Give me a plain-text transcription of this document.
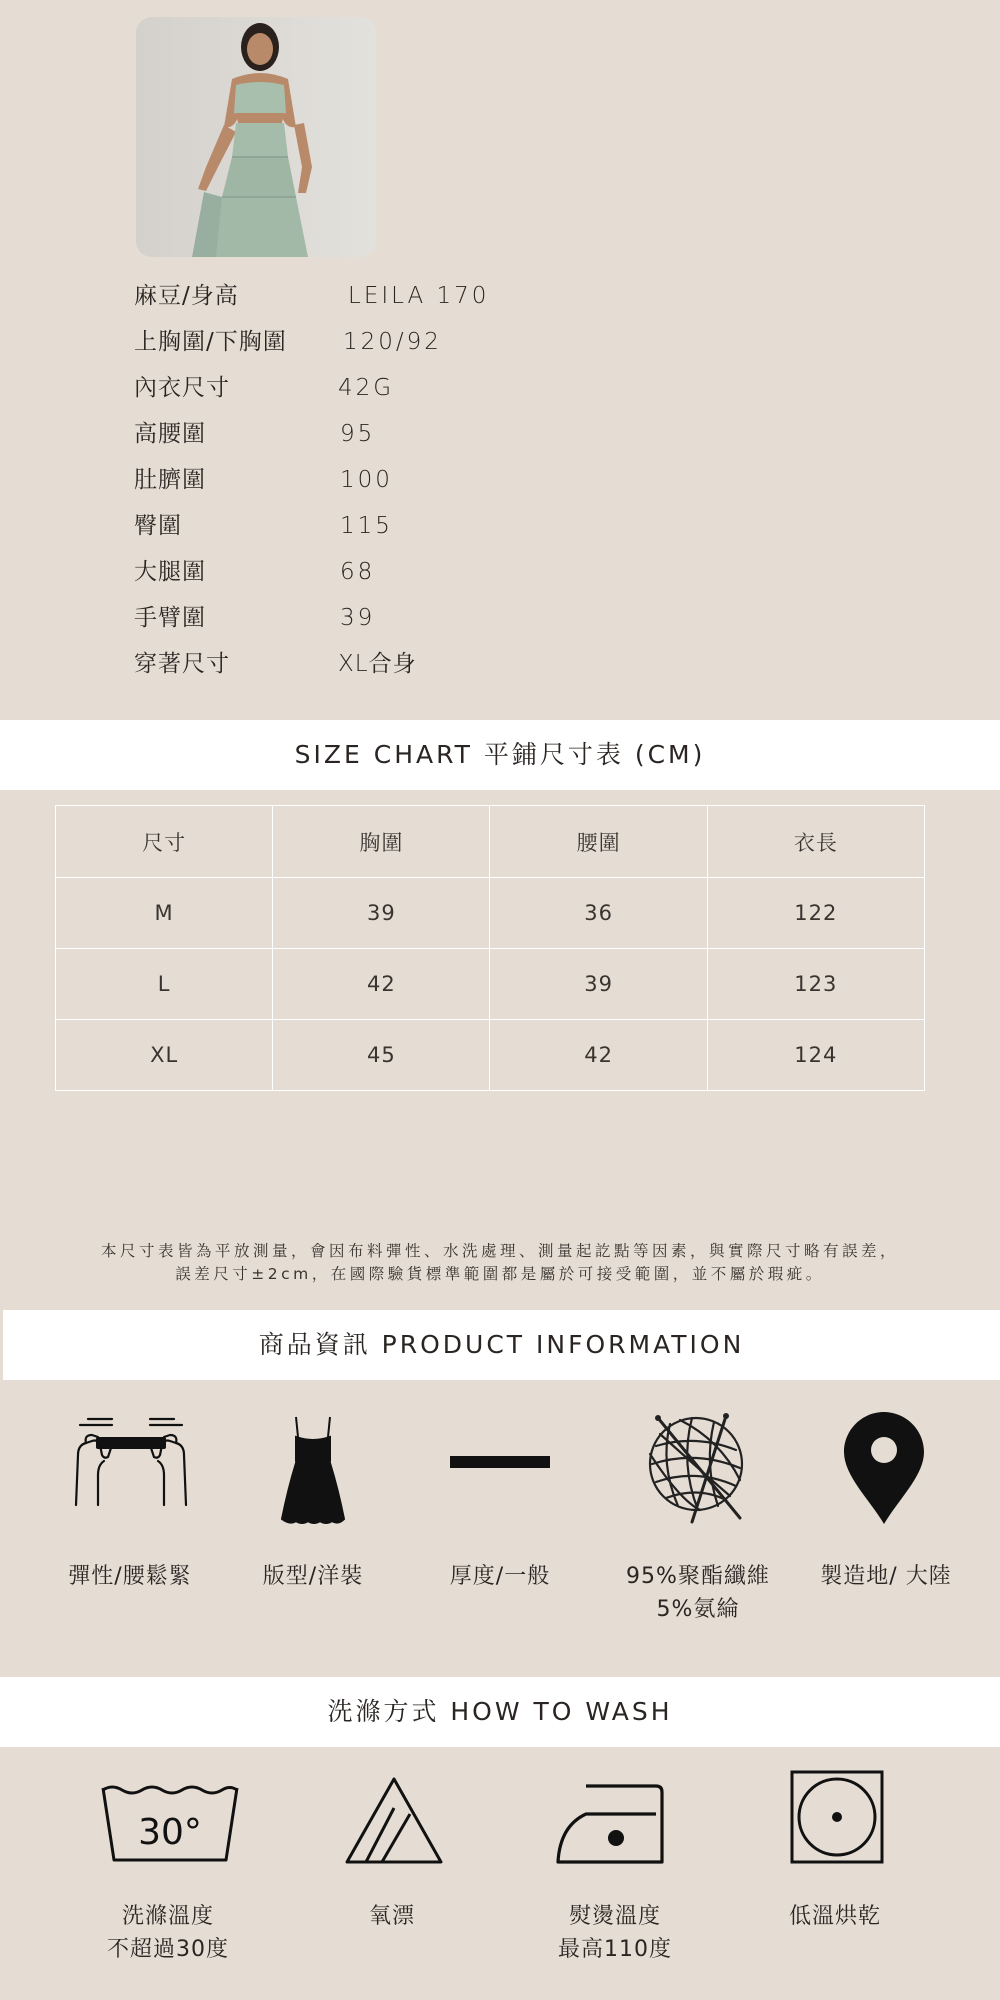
麻豆/身高	LEILA 170
上胸圍/下胸圍 120/92
內衣尺寸	42G
高腰圍	95
肚臍圍	100
臀圍	115
大腿圍	68
手臂圍	39
穿著尺寸	XL合身
SIZE CHART 平鋪尺寸表 (CM)
尺寸	胸圍	腰圍	衣長
M	39	36	122
L	42	39	123
XL	45	42	124
本尺寸表皆為平放測量，會因布料彈性、水洗處理、測量起訖點等因素，與實際尺寸略有誤差，
誤差尺寸±2cm，在國際驗貨標準範圍都是屬於可接受範圍，並不屬於瑕疵。
商品資訊 PRODUCT INFORMATION
彈性/腰鬆緊	版型/洋裝	厚度/一般	95%聚酯纖維
5%氨綸
製造地/ 大陸
洗滌方式 HOW TO WASH
30°
洗滌溫度
不超過30度
氧漂	熨燙溫度
最高110度
低溫烘乾
